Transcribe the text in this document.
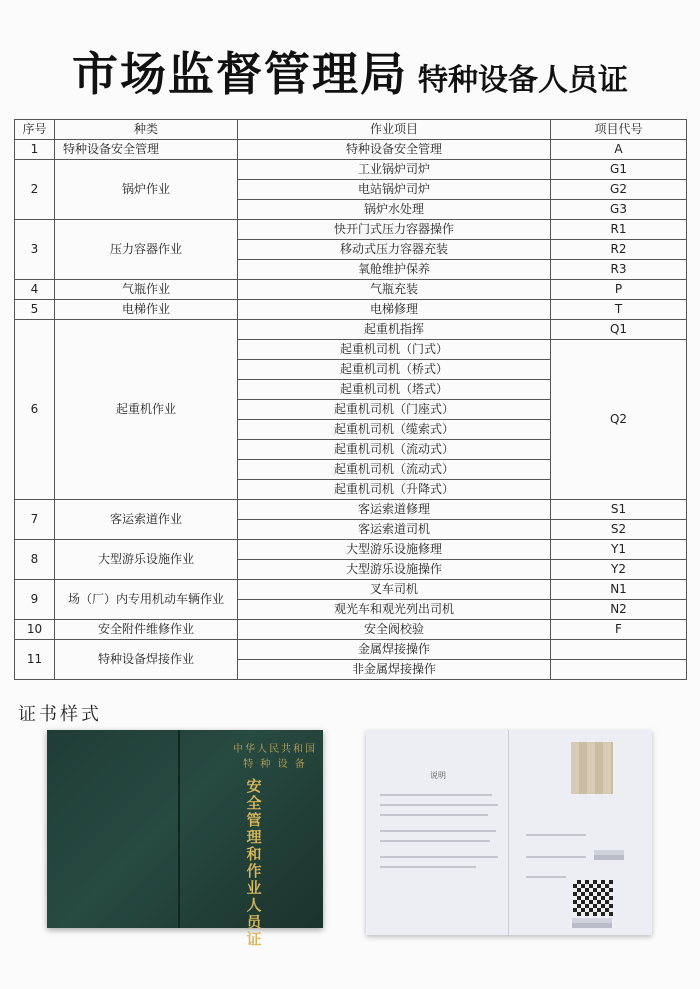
市场监督管理局 特种设备人员证
序号	种类	作业项目	项目代号
1	特种设备安全管理	特种设备安全管理	A
2	锅炉作业	工业锅炉司炉	G1
		电站锅炉司炉	G2
		锅炉水处理	G3
3	压力容器作业	快开门式压力容器操作	R1
		移动式压力容器充装	R2
		氧舱维护保养	R3
4	气瓶作业	气瓶充装	P
5	电梯作业	电梯修理	T
6	起重机作业	起重机指挥	Q1
		起重机司机（门式）	Q2
		起重机司机（桥式）	
		起重机司机（塔式）	
		起重机司机（门座式）	
		起重机司机（缆索式）	
		起重机司机（流动式）	
		起重机司机（流动式）	
		起重机司机（升降式）	
7	客运索道作业	客运索道修理	S1
		客运索道司机	S2
8	大型游乐设施作业	大型游乐设施修理	Y1
		大型游乐设施操作	Y2
9	场（厂）内专用机动车辆作业	叉车司机	N1
		观光车和观光列出司机	N2
10	安全附件维修作业	安全阀校验	F
11	特种设备焊接作业	金属焊接操作	
		非金属焊接操作	
证书样式
中华人民共和国
特 种 设 备
安全管理和作业人员证
说明
